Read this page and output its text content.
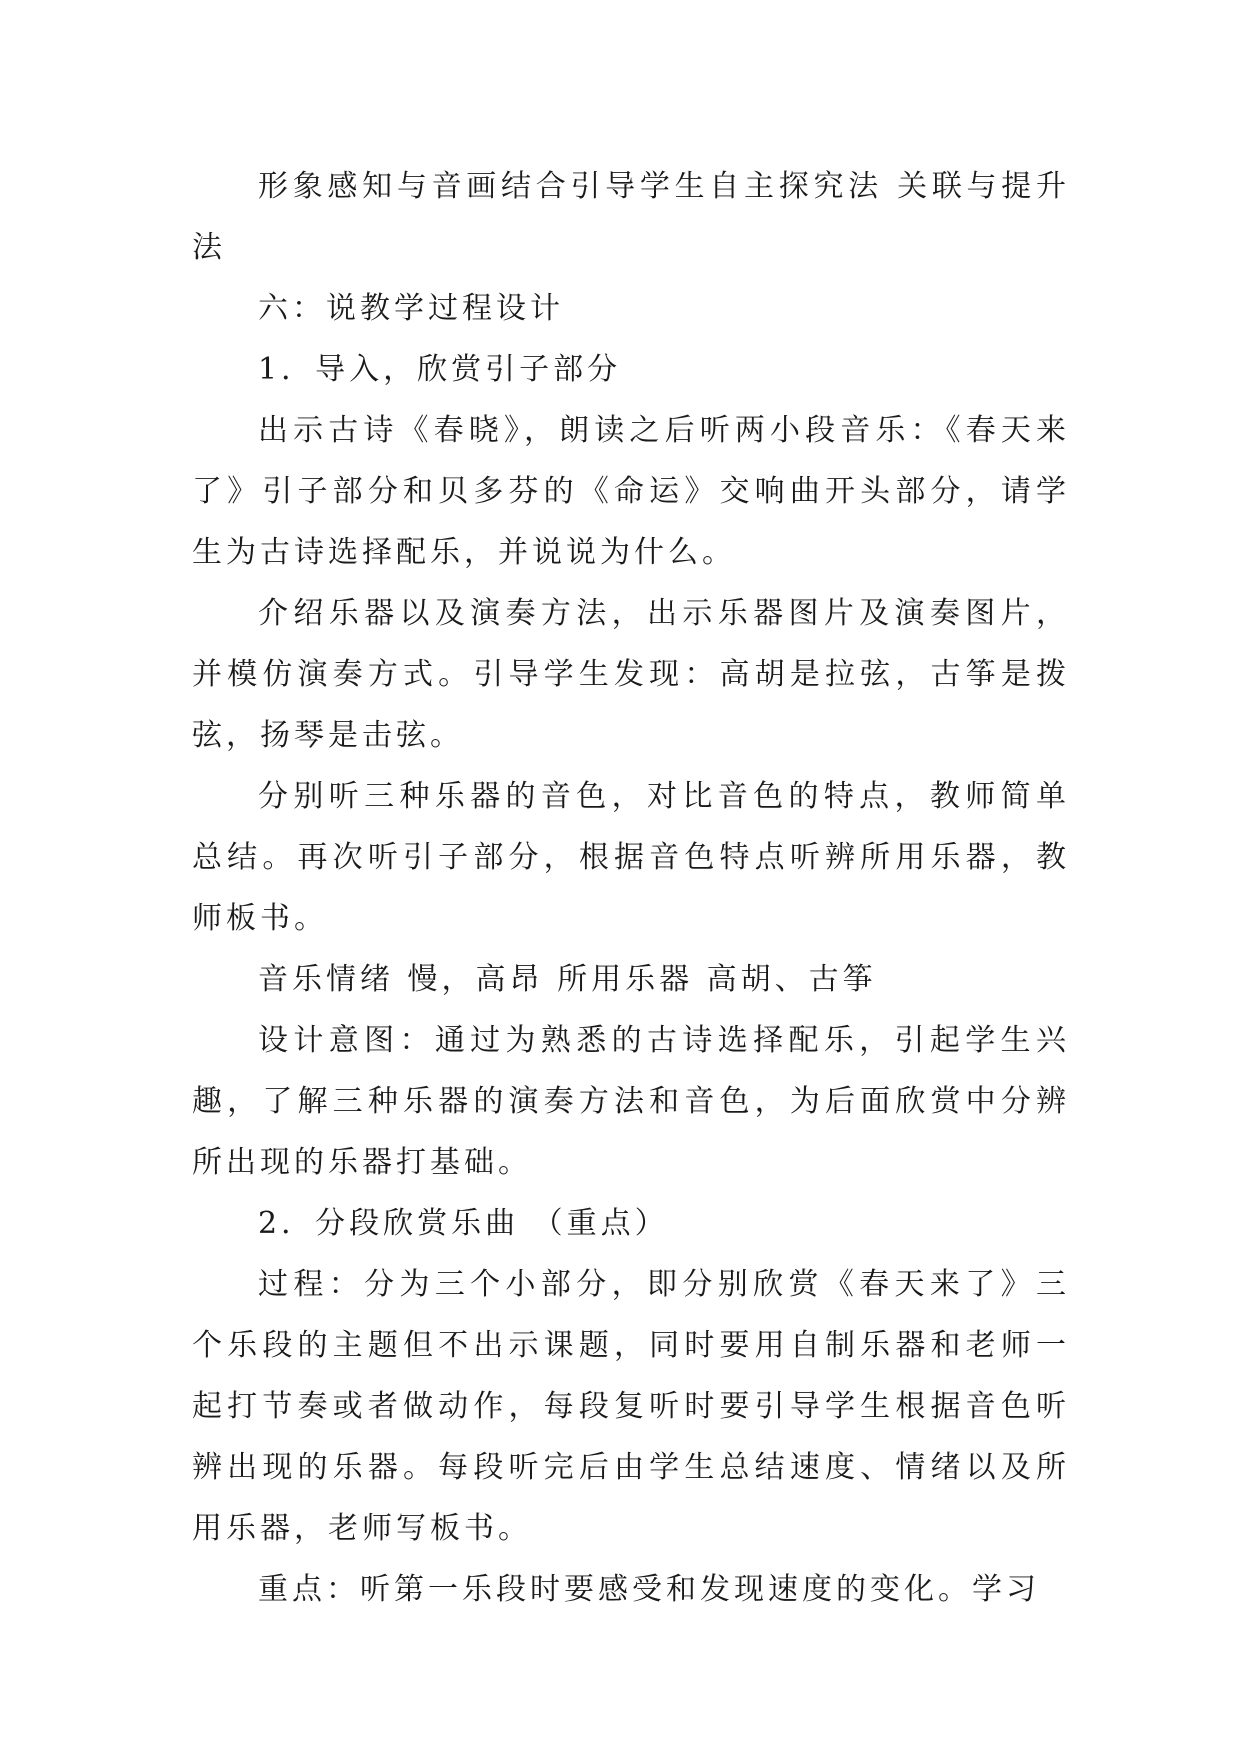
形象感知与音画结合引导学生自主探究法 关联与提升法

六：说教学过程设计

1．导入，欣赏引子部分

出示古诗《春晓》，朗读之后听两小段音乐：《春天来了》引子部分和贝多芬的《命运》交响曲开头部分，请学生为古诗选择配乐，并说说为什么。

介绍乐器以及演奏方法，出示乐器图片及演奏图片，并模仿演奏方式。引导学生发现：高胡是拉弦，古筝是拨弦，扬琴是击弦。

分别听三种乐器的音色，对比音色的特点，教师简单总结。再次听引子部分，根据音色特点听辨所用乐器，教师板书。

音乐情绪 慢，高昂 所用乐器 高胡、古筝

设计意图：通过为熟悉的古诗选择配乐，引起学生兴趣，了解三种乐器的演奏方法和音色，为后面欣赏中分辨所出现的乐器打基础。

2．分段欣赏乐曲 （重点）

过程：分为三个小部分，即分别欣赏《春天来了》三个乐段的主题但不出示课题，同时要用自制乐器和老师一起打节奏或者做动作，每段复听时要引导学生根据音色听辨出现的乐器。每段听完后由学生总结速度、情绪以及所用乐器，老师写板书。

重点：听第一乐段时要感受和发现速度的变化。学习
